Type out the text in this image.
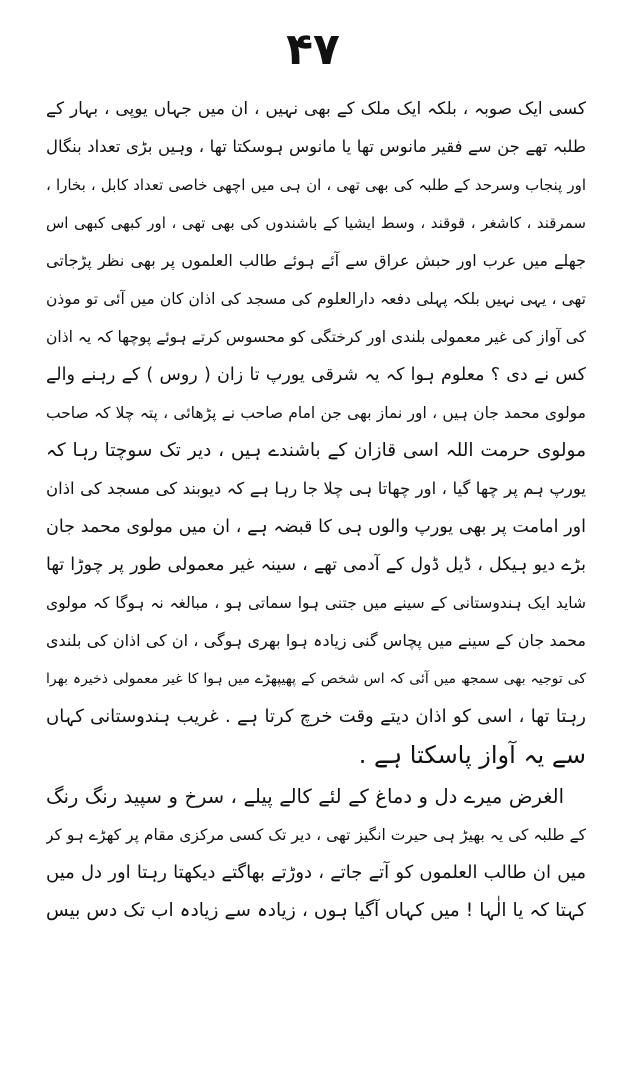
۴۷
کسی ایک صوبہ ، بلکہ ایک ملک کے بھی نہیں ، ان میں جہاں یوپی ، بہار کے
طلبہ تھے جن سے فقیر مانوس تھا یا مانوس ہوسکتا تھا ، وہیں بڑی تعداد بنگال
اور پنجاب وسرحد کے طلبہ کی بھی تھی ، ان ہی میں اچھی خاصی تعداد کابل ، بخارا ،
سمرقند ، کاشغر ، قوقند ، وسط ایشیا کے باشندوں کی بھی تھی ، اور کبھی کبھی اس
جھلے میں عرب اور حبش عراق سے آئے ہوئے طالب العلموں پر بھی نظر پڑجاتی
تھی ، یہی نہیں بلکہ پہلی دفعہ دارالعلوم کی مسجد کی اذان کان میں آئی تو موذن
کی آواز کی غیر معمولی بلندی اور کرختگی کو محسوس کرتے ہوئے پوچھا کہ یہ اذان
کس نے دی ؟ معلوم ہوا کہ یہ شرقی یورپ تا زان ( روس ) کے رہنے والے
مولوی محمد جان ہیں ، اور نماز بھی جن امام صاحب نے پڑھائی ، پتہ چلا کہ صاحب
مولوی حرمت اللہ اسی قازان کے باشندے ہیں ، دیر تک سوچتا رہا کہ
یورپ ہم پر چھا گیا ، اور چھاتا ہی چلا جا رہا ہے کہ دیوبند کی مسجد کی اذان
اور امامت پر بھی یورپ والوں ہی کا قبضہ ہے ، ان میں مولوی محمد جان
بڑے دیو ہیکل ، ڈیل ڈول کے آدمی تھے ، سینہ غیر معمولی طور پر چوڑا تھا
شاید ایک ہندوستانی کے سینے میں جتنی ہوا سماتی ہو ، مبالغہ نہ ہوگا کہ مولوی
محمد جان کے سینے میں پچاس گنی زیادہ ہوا بھری ہوگی ، ان کی اذان کی بلندی
کی توجیہ بھی سمجھ میں آئی کہ اس شخص کے پھیپھڑے میں ہوا کا غیر معمولی ذخیرہ بھرا
رہتا تھا ، اسی کو اذان دیتے وقت خرچ کرتا ہے . غریب ہندوستانی کہاں
سے یہ آواز پاسکتا ہے .
الغرض میرے دل و دماغ کے لئے کالے پیلے ، سرخ و سپید رنگ رنگ
کے طلبہ کی یہ بھیڑ ہی حیرت انگیز تھی ، دیر تک کسی مرکزی مقام پر کھڑے ہو کر
میں ان طالب العلموں کو آتے جاتے ، دوڑتے بھاگتے دیکھتا رہتا اور دل میں
کہتا کہ یا الٰہا ! میں کہاں آگیا ہوں ، زیادہ سے زیادہ اب تک دس بیس
